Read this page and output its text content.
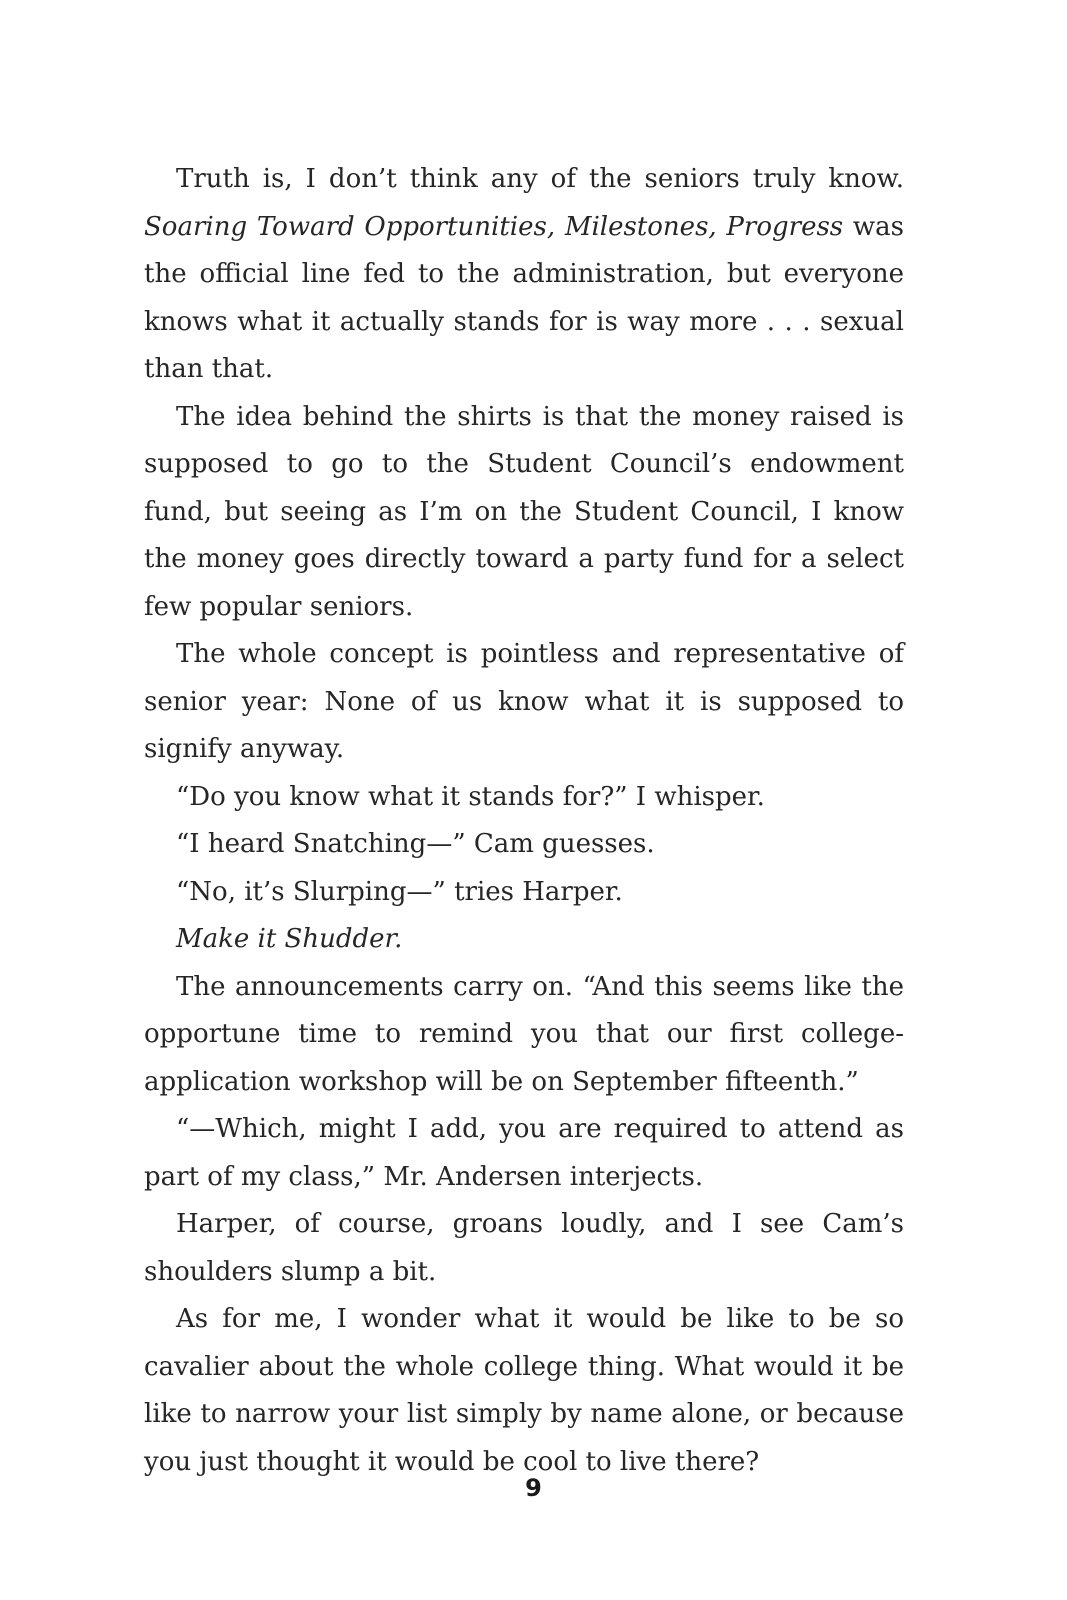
Truth is, I don’t think any of the seniors truly know. Soaring Toward Opportunities, Milestones, Progress was the official line fed to the administration, but everyone knows what it actually stands for is way more . . . sexual than that.

The idea behind the shirts is that the money raised is supposed to go to the Student Council’s endowment fund, but seeing as I’m on the Student Council, I know the money goes directly toward a party fund for a select few popular seniors.

The whole concept is pointless and representative of senior year: None of us know what it is supposed to signify anyway.

“Do you know what it stands for?” I whisper.

“I heard Snatching—” Cam guesses.

“No, it’s Slurping—” tries Harper.

Make it Shudder.

The announcements carry on. “And this seems like the opportune time to remind you that our first college-application workshop will be on September fifteenth.”

“—Which, might I add, you are required to attend as part of my class,” Mr. Andersen interjects.

Harper, of course, groans loudly, and I see Cam’s shoulders slump a bit.

As for me, I wonder what it would be like to be so cavalier about the whole college thing. What would it be like to narrow your list simply by name alone, or because you just thought it would be cool to live there?

9
